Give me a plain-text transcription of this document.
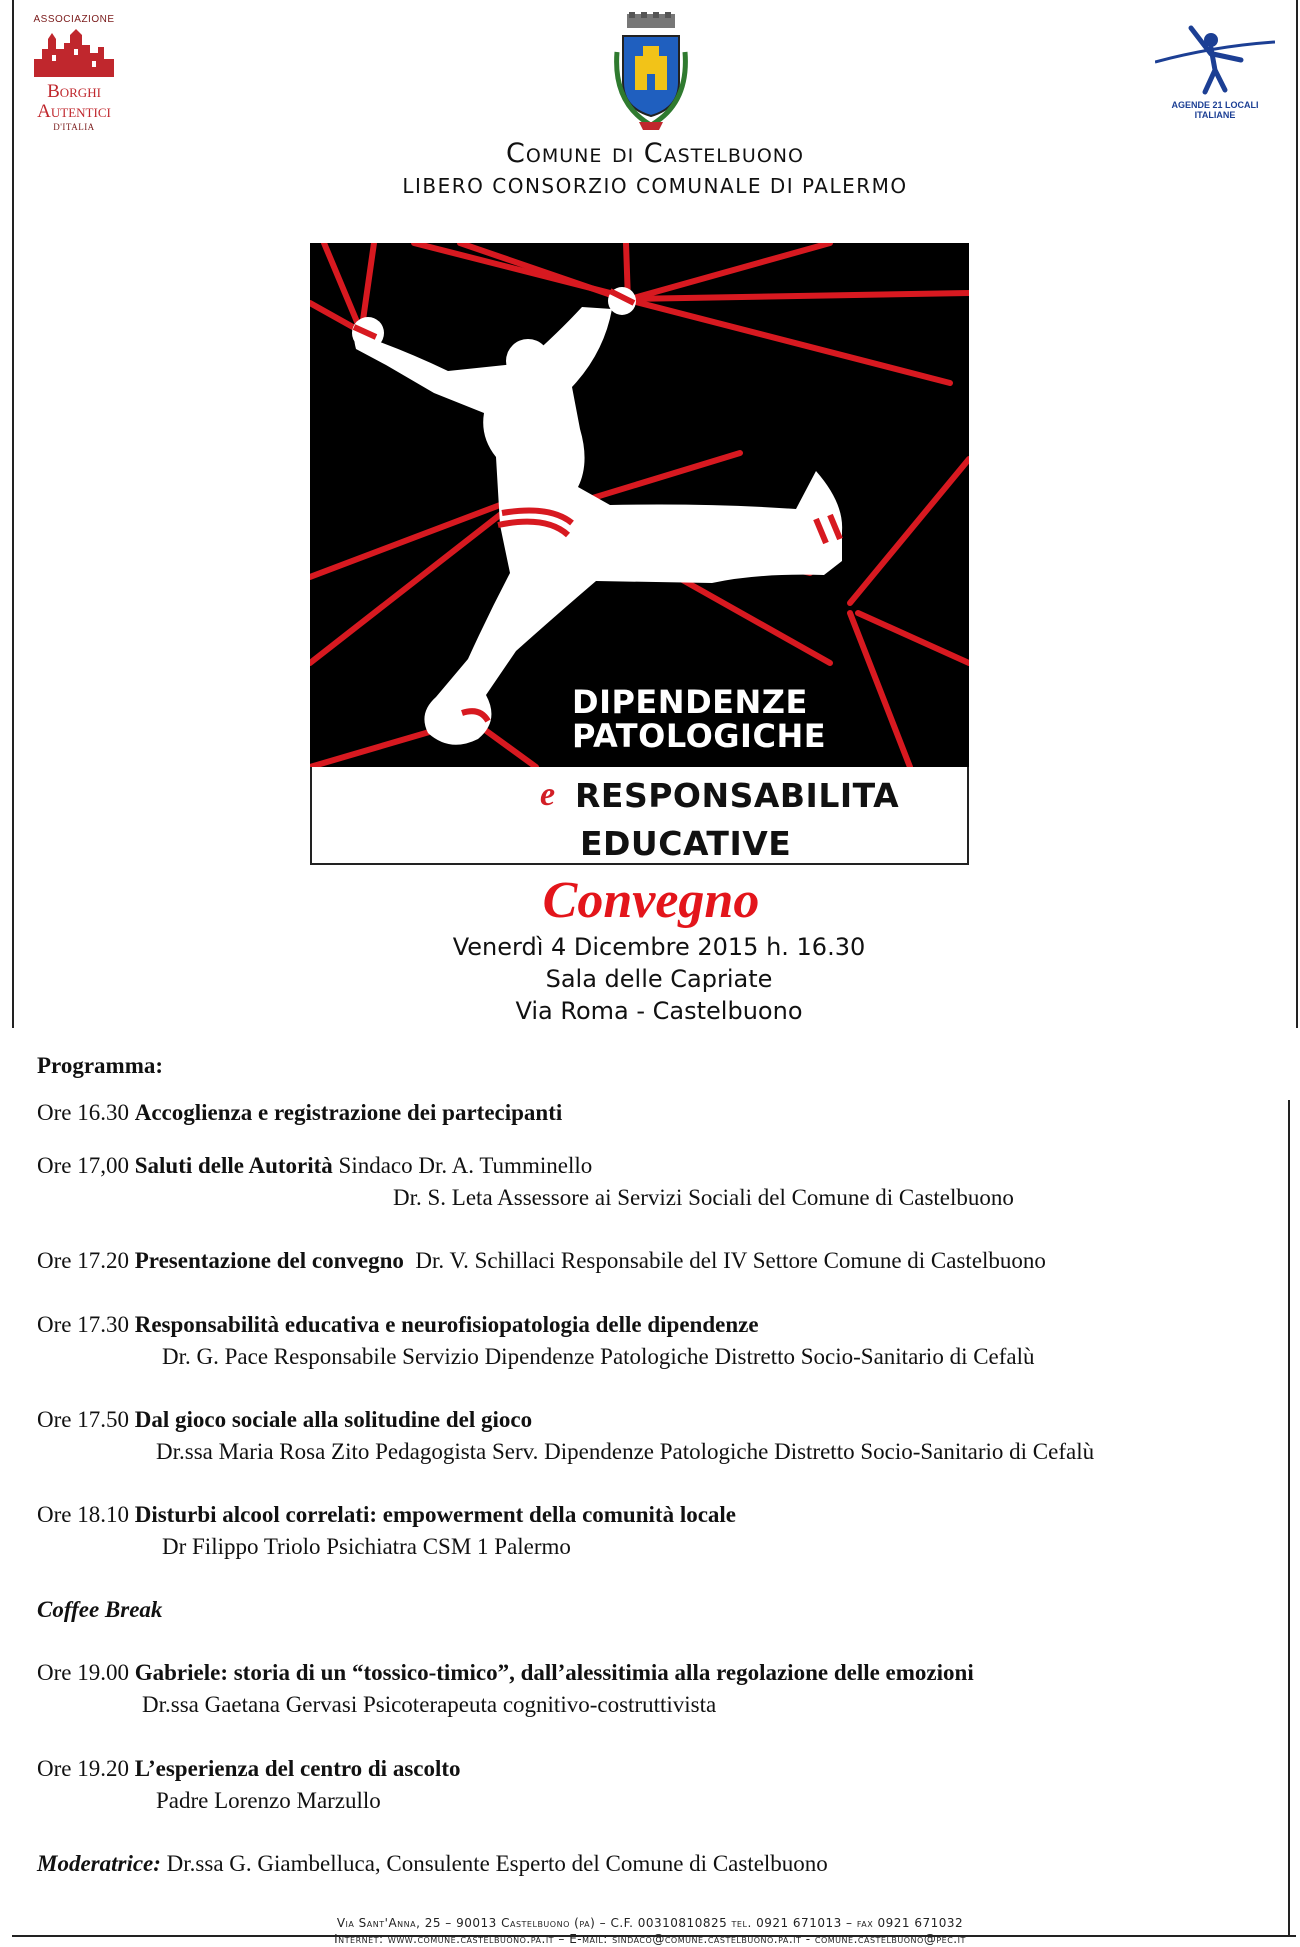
ASSOCIAZIONE
Borghi
Autentici
D'ITALIA
AGENDE 21 LOCALI ITALIANE
Comune di Castelbuono
LIBERO CONSORZIO COMUNALE DI PALERMO
DIPENDENZE
PATOLOGICHE
e RESPONSABILITA
EDUCATIVE
Convegno
Venerdì 4 Dicembre 2015 h. 16.30
Sala delle Capriate
Via Roma - Castelbuono
Programma:
Ore 16.30 Accoglienza e registrazione dei partecipanti
Ore 17,00 Saluti delle Autorità Sindaco Dr. A. Tumminello
Dr. S. Leta Assessore ai Servizi Sociali del Comune di Castelbuono
Ore 17.20 Presentazione del convegno Dr. V. Schillaci Responsabile del IV Settore Comune di Castelbuono
Ore 17.30 Responsabilità educativa e neurofisiopatologia delle dipendenze
Dr. G. Pace Responsabile Servizio Dipendenze Patologiche Distretto Socio-Sanitario di Cefalù
Ore 17.50 Dal gioco sociale alla solitudine del gioco
Dr.ssa Maria Rosa Zito Pedagogista Serv. Dipendenze Patologiche Distretto Socio-Sanitario di Cefalù
Ore 18.10 Disturbi alcool correlati: empowerment della comunità locale
Dr Filippo Triolo Psichiatra CSM 1 Palermo
Coffee Break
Ore 19.00 Gabriele: storia di un “tossico-timico”, dall’alessitimia alla regolazione delle emozioni
Dr.ssa Gaetana Gervasi Psicoterapeuta cognitivo-costruttivista
Ore 19.20 L’esperienza del centro di ascolto
Padre Lorenzo Marzullo
Moderatrice: Dr.ssa G. Giambelluca, Consulente Esperto del Comune di Castelbuono
Via Sant'Anna, 25 – 90013 Castelbuono (pa) – C.F. 00310810825 tel. 0921 671013 – fax 0921 671032
Internet: www.comune.castelbuono.pa.it – E-mail: sindaco@comune.castelbuono.pa.it - comune.castelbuono@pec.it
